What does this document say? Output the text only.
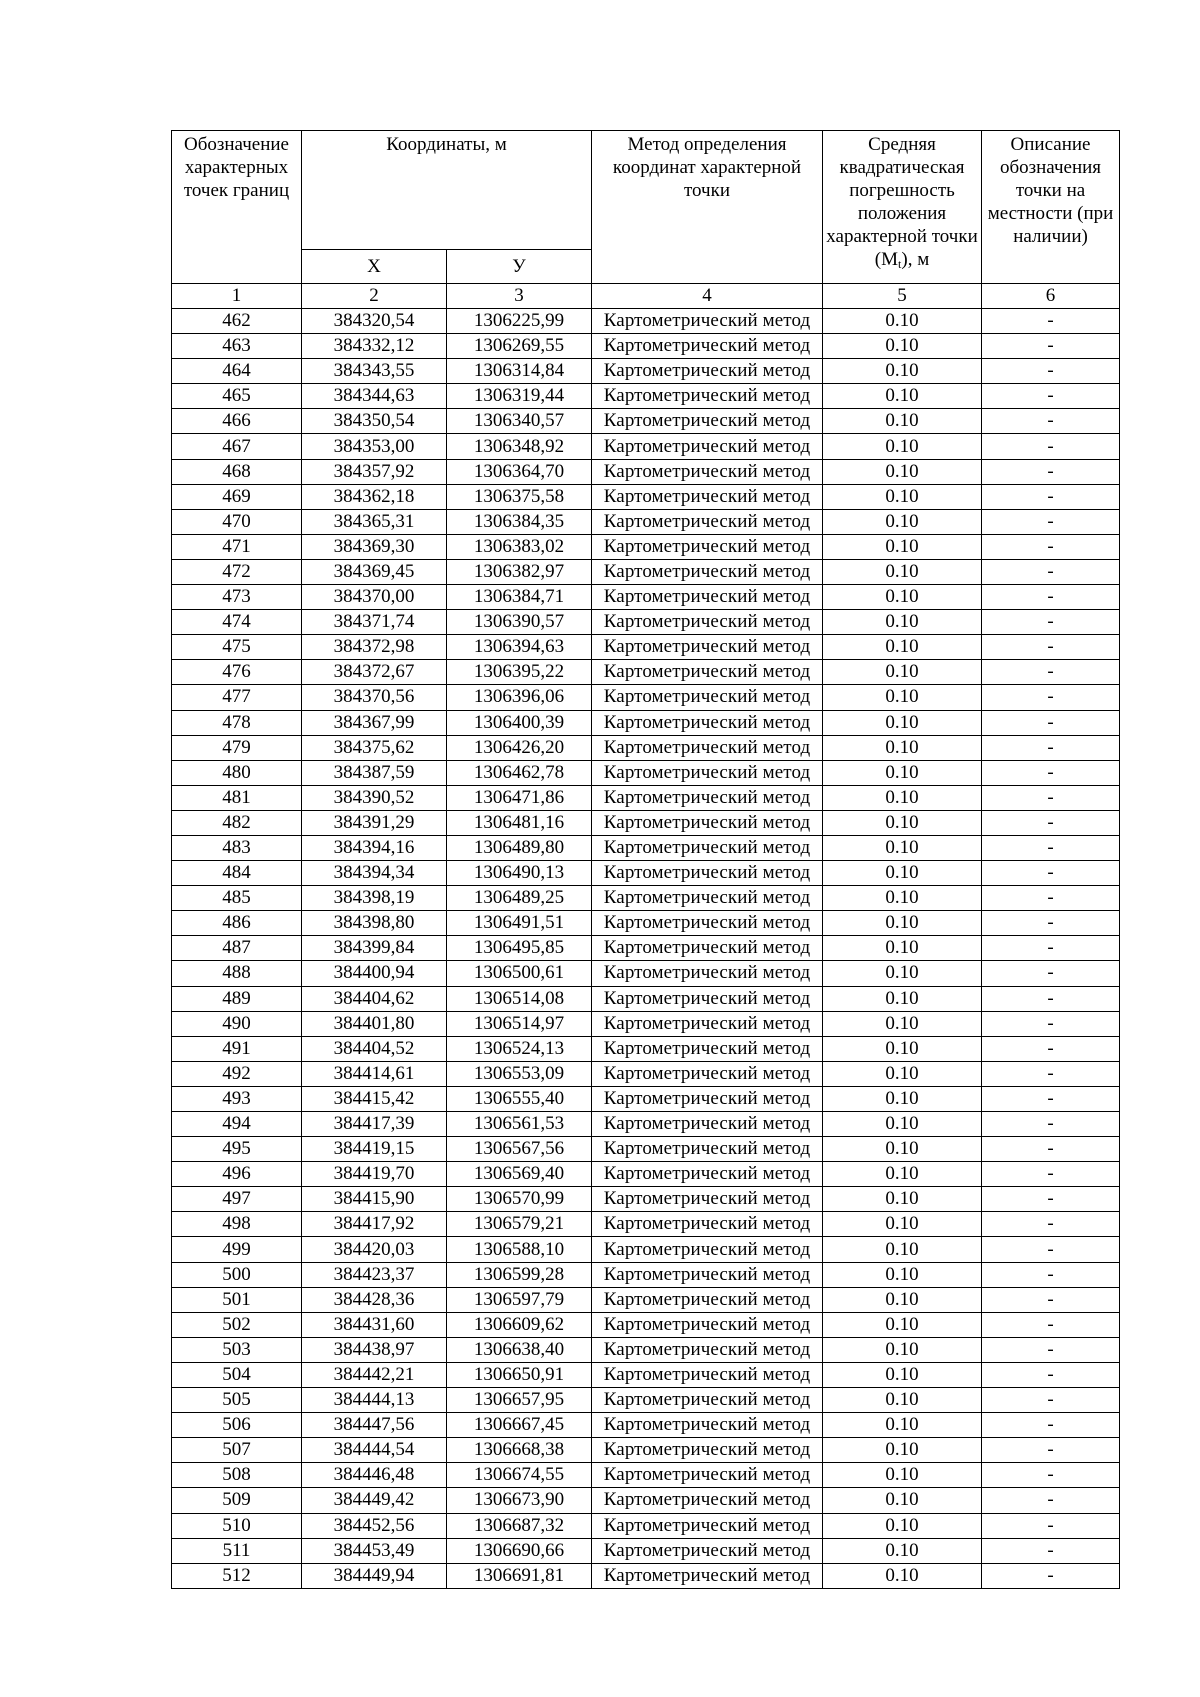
Обозначение характерных точек границ	Координаты, м		Метод определения координат характерной точки	Средняя квадратическая погрешность положения характерной точки $(M_t)$, м	Описание обозначения точки на местности (при наличии)
	X	У			
1	2	3	4	5	6
462	384320,54	1306225,99	Картометрический метод	0.10	-
463	384332,12	1306269,55	Картометрический метод	0.10	-
464	384343,55	1306314,84	Картометрический метод	0.10	-
465	384344,63	1306319,44	Картометрический метод	0.10	-
466	384350,54	1306340,57	Картометрический метод	0.10	-
467	384353,00	1306348,92	Картометрический метод	0.10	-
468	384357,92	1306364,70	Картометрический метод	0.10	-
469	384362,18	1306375,58	Картометрический метод	0.10	-
470	384365,31	1306384,35	Картометрический метод	0.10	-
471	384369,30	1306383,02	Картометрический метод	0.10	-
472	384369,45	1306382,97	Картометрический метод	0.10	-
473	384370,00	1306384,71	Картометрический метод	0.10	-
474	384371,74	1306390,57	Картометрический метод	0.10	-
475	384372,98	1306394,63	Картометрический метод	0.10	-
476	384372,67	1306395,22	Картометрический метод	0.10	-
477	384370,56	1306396,06	Картометрический метод	0.10	-
478	384367,99	1306400,39	Картометрический метод	0.10	-
479	384375,62	1306426,20	Картометрический метод	0.10	-
480	384387,59	1306462,78	Картометрический метод	0.10	-
481	384390,52	1306471,86	Картометрический метод	0.10	-
482	384391,29	1306481,16	Картометрический метод	0.10	-
483	384394,16	1306489,80	Картометрический метод	0.10	-
484	384394,34	1306490,13	Картометрический метод	0.10	-
485	384398,19	1306489,25	Картометрический метод	0.10	-
486	384398,80	1306491,51	Картометрический метод	0.10	-
487	384399,84	1306495,85	Картометрический метод	0.10	-
488	384400,94	1306500,61	Картометрический метод	0.10	-
489	384404,62	1306514,08	Картометрический метод	0.10	-
490	384401,80	1306514,97	Картометрический метод	0.10	-
491	384404,52	1306524,13	Картометрический метод	0.10	-
492	384414,61	1306553,09	Картометрический метод	0.10	-
493	384415,42	1306555,40	Картометрический метод	0.10	-
494	384417,39	1306561,53	Картометрический метод	0.10	-
495	384419,15	1306567,56	Картометрический метод	0.10	-
496	384419,70	1306569,40	Картометрический метод	0.10	-
497	384415,90	1306570,99	Картометрический метод	0.10	-
498	384417,92	1306579,21	Картометрический метод	0.10	-
499	384420,03	1306588,10	Картометрический метод	0.10	-
500	384423,37	1306599,28	Картометрический метод	0.10	-
501	384428,36	1306597,79	Картометрический метод	0.10	-
502	384431,60	1306609,62	Картометрический метод	0.10	-
503	384438,97	1306638,40	Картометрический метод	0.10	-
504	384442,21	1306650,91	Картометрический метод	0.10	-
505	384444,13	1306657,95	Картометрический метод	0.10	-
506	384447,56	1306667,45	Картометрический метод	0.10	-
507	384444,54	1306668,38	Картометрический метод	0.10	-
508	384446,48	1306674,55	Картометрический метод	0.10	-
509	384449,42	1306673,90	Картометрический метод	0.10	-
510	384452,56	1306687,32	Картометрический метод	0.10	-
511	384453,49	1306690,66	Картометрический метод	0.10	-
512	384449,94	1306691,81	Картометрический метод	0.10	-
